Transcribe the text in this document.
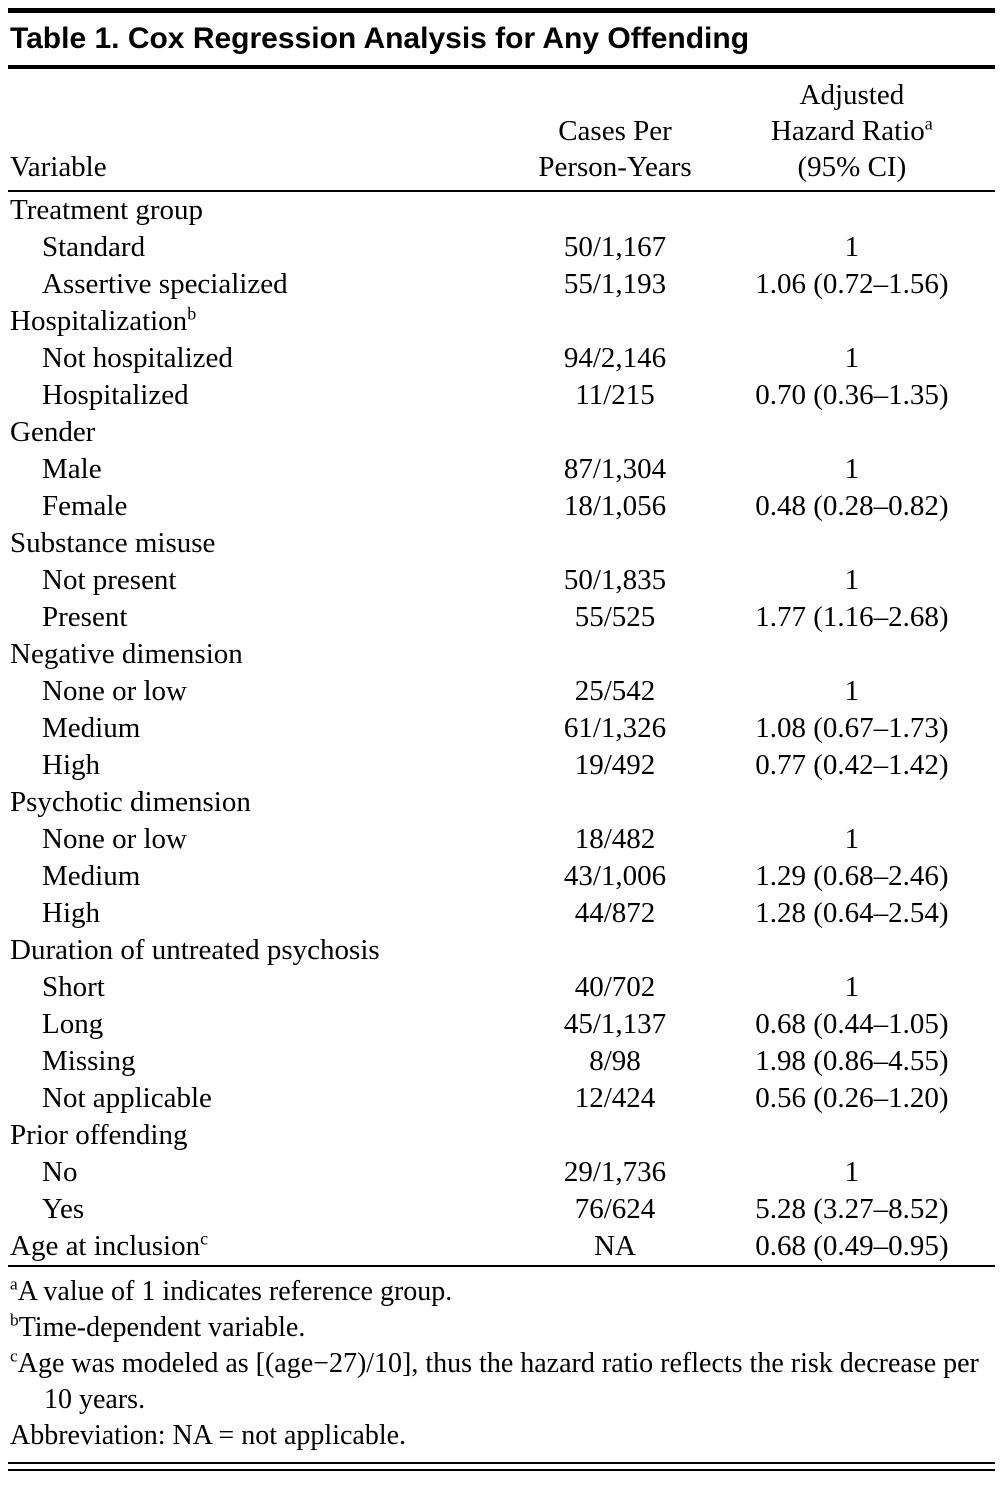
Table 1. Cox Regression Analysis for Any Offending
Variable

Cases Per
Person-Years

Adjusted
Hazard Ratio$^a$
(95% CI)

Treatment group		
Standard	50/1,167	1
Assertive specialized	55/1,193	1.06 (0.72–1.56)
Hospitalization$^b$		
Not hospitalized	94/2,146	1
Hospitalized	11/215	0.70 (0.36–1.35)
Gender		
Male	87/1,304	1
Female	18/1,056	0.48 (0.28–0.82)
Substance misuse		
Not present	50/1,835	1
Present	55/525	1.77 (1.16–2.68)
Negative dimension		
None or low	25/542	1
Medium	61/1,326	1.08 (0.67–1.73)
High	19/492	0.77 (0.42–1.42)
Psychotic dimension		
None or low	18/482	1
Medium	43/1,006	1.29 (0.68–2.46)
High	44/872	1.28 (0.64–2.54)
Duration of untreated psychosis		
Short	40/702	1
Long	45/1,137	0.68 (0.44–1.05)
Missing	8/98	1.98 (0.86–4.55)
Not applicable	12/424	0.56 (0.26–1.20)
Prior offending		
No	29/1,736	1
Yes	76/624	5.28 (3.27–8.52)
Age at inclusion$^c$	NA	0.68 (0.49–0.95)
$^a$A value of 1 indicates reference group.
$^b$Time-dependent variable.
$^c$Age was modeled as [(age−27)/10], thus the hazard ratio reflects the risk decrease per 10 years.
Abbreviation: NA = not applicable.
